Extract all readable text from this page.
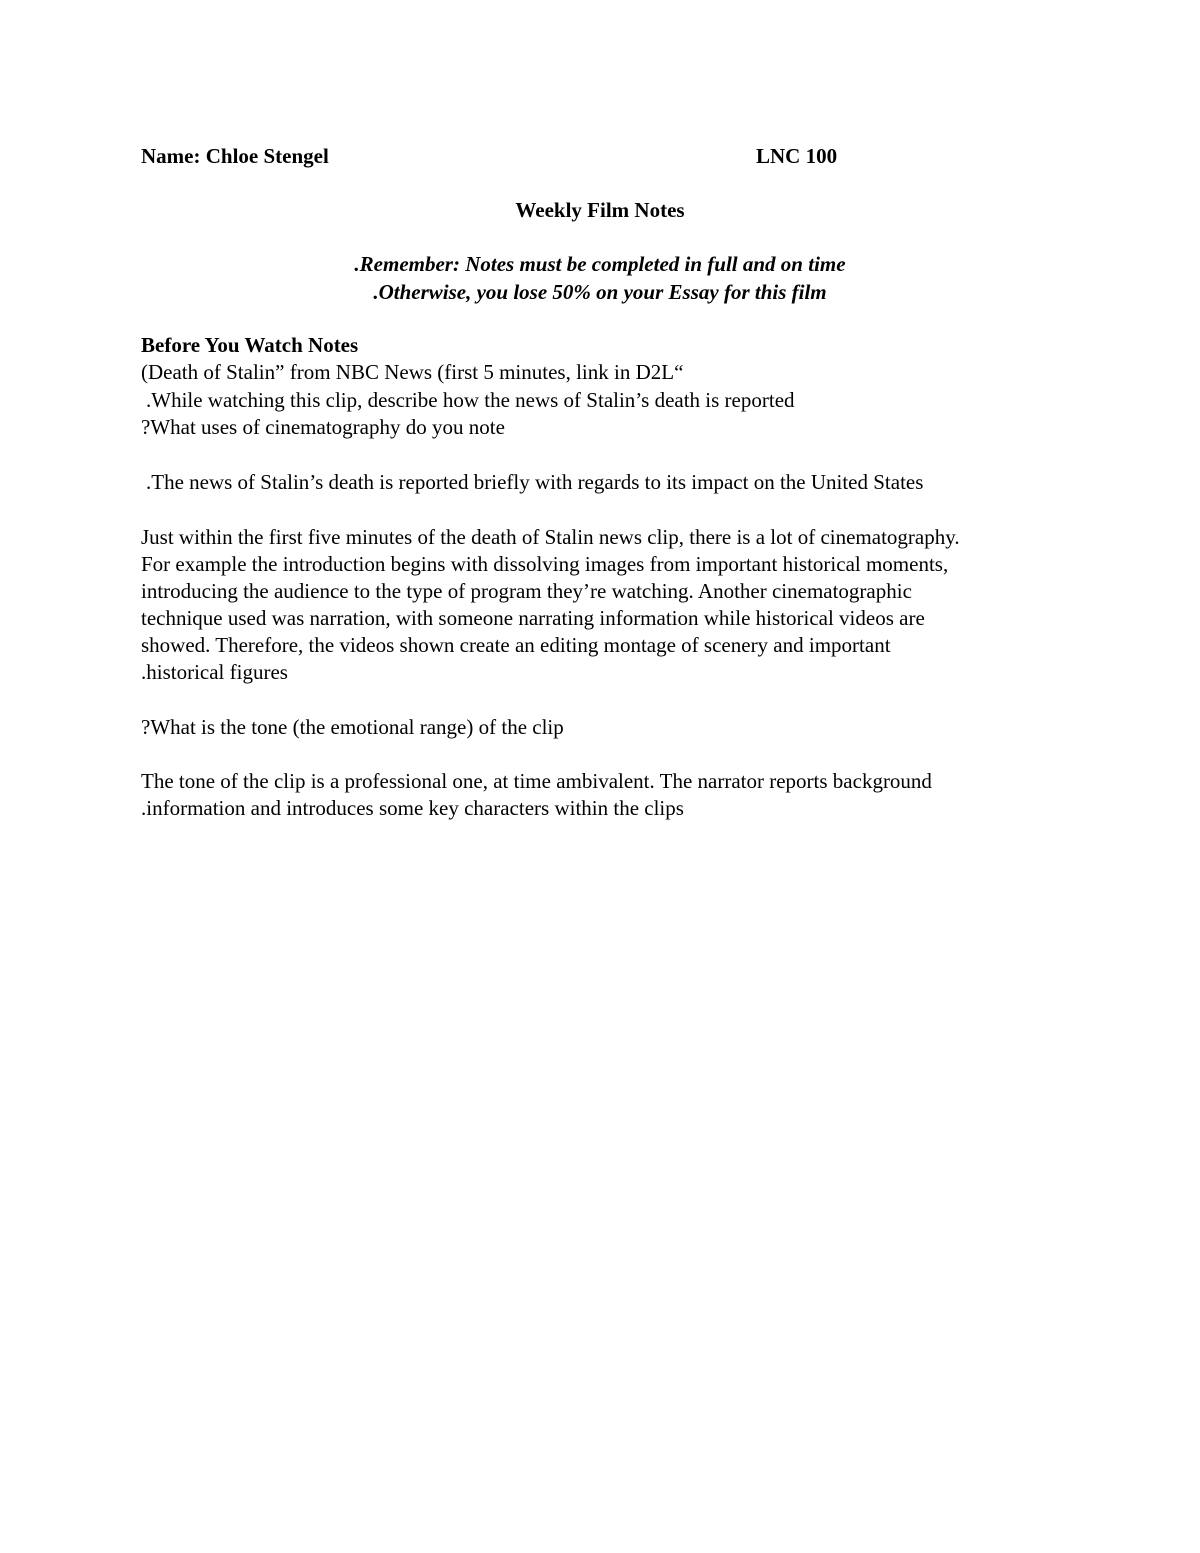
Name: Chloe Stengel	LNC 100
Weekly Film Notes
.Remember: Notes must be completed in full and on time
.Otherwise, you lose 50% on your Essay for this film
Before You Watch Notes
(Death of Stalin” from NBC News (first 5 minutes, link in D2L“
.While watching this clip, describe how the news of Stalin’s death is reported
?What uses of cinematography do you note
.The news of Stalin’s death is reported briefly with regards to its impact on the United States
Just within the first five minutes of the death of Stalin news clip, there is a lot of cinematography.
For example the introduction begins with dissolving images from important historical moments,
introducing the audience to the type of program they’re watching. Another cinematographic
technique used was narration, with someone narrating information while historical videos are
showed. Therefore, the videos shown create an editing montage of scenery and important
.historical figures
?What is the tone (the emotional range) of the clip
The tone of the clip is a professional one, at time ambivalent. The narrator reports background
.information and introduces some key characters within the clips
